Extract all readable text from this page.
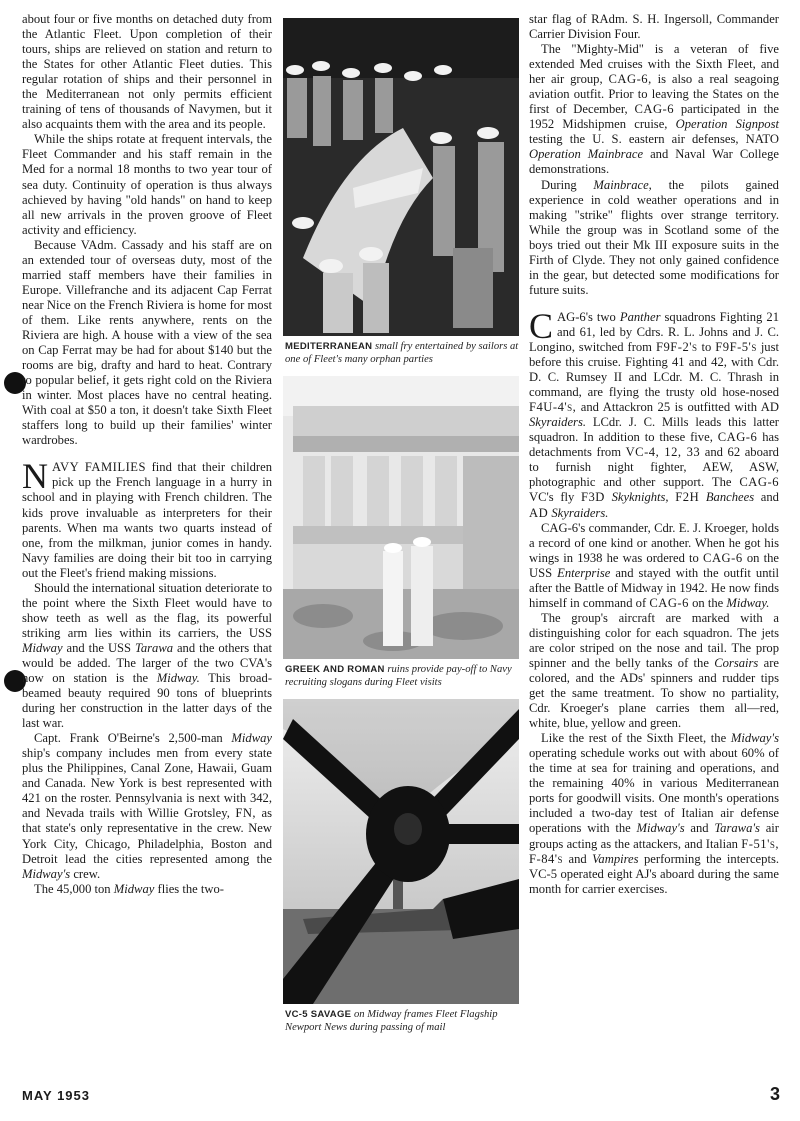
about four or five months on detached duty from the Atlantic Fleet. Upon completion of their tours, ships are relieved on station and return to the States for other Atlantic Fleet duties. This regular rotation of ships and their personnel in the Mediterranean not only permits efficient training of tens of thousands of Navymen, but it also acquaints them with the area and its people.

While the ships rotate at frequent intervals, the Fleet Commander and his staff remain in the Med for a normal 18 months to two year tour of sea duty. Continuity of operation is thus always achieved by having "old hands" on hand to keep all new arrivals in the proven groove of Fleet activity and efficiency.

Because VAdm. Cassady and his staff are on an extended tour of overseas duty, most of the married staff members have their families in Europe. Villefranche and its adjacent Cap Ferrat near Nice on the French Riviera is home for most of them. Like rents anywhere, rents on the Riviera are high. A house with a view of the sea on Cap Ferrat may be had for about $140 but the rooms are big, drafty and hard to heat. Contrary to popular belief, it gets right cold on the Riviera in winter. Most places have no central heating. With coal at $50 a ton, it doesn't take Sixth Fleet staffers long to build up their families' winter wardrobes.

NAVY FAMILIES find that their children pick up the French language in a hurry in school and in playing with French children. The kids prove invaluable as interpreters for their parents. When ma wants two quarts instead of one, from the milkman, junior comes in handy. Navy families are doing their bit too in carrying out the Fleet's friend making missions.

Should the international situation deteriorate to the point where the Sixth Fleet would have to show teeth as well as the flag, its powerful striking arm lies within its carriers, the USS Midway and the USS Tarawa and the others that would be added. The larger of the two CVA's now on station is the Midway. This broad-beamed beauty required 90 tons of blueprints during her construction in the latter days of the last war.

Capt. Frank O'Beirne's 2,500-man Midway ship's company includes men from every state plus the Philippines, Canal Zone, Hawaii, Guam and Canada. New York is best represented with 421 on the roster. Pennsylvania is next with 342, and Nevada trails with Willie Grotsley, FN, as that state's only representative in the crew. New York City, Chicago, Philadelphia, Boston and Detroit lead the cities represented among the Midway's crew.

The 45,000 ton Midway flies the two-

MEDITERRANEAN small fry entertained by sailors at one of Fleet's many orphan parties
GREEK AND ROMAN ruins provide pay-off to Navy recruiting slogans during Fleet visits
VC-5 SAVAGE on Midway frames Fleet Flagship Newport News during passing of mail

star flag of RAdm. S. H. Ingersoll, Commander Carrier Division Four.

The "Mighty-Mid" is a veteran of five extended Med cruises with the Sixth Fleet, and her air group, CAG-6, is also a real seagoing aviation outfit. Prior to leaving the States on the first of December, CAG-6 participated in the 1952 Midshipmen cruise, Operation Signpost testing the U. S. eastern air defenses, NATO Operation Mainbrace and Naval War College demonstrations.

During Mainbrace, the pilots gained experience in cold weather operations and in making "strike" flights over strange territory. While the group was in Scotland some of the boys tried out their Mk III exposure suits in the Firth of Clyde. They not only gained confidence in the gear, but detected some modifications for future suits.

CAG-6's two Panther squadrons Fighting 21 and 61, led by Cdrs. R. L. Johns and J. C. Longino, switched from F9F-2's to F9F-5's just before this cruise. Fighting 41 and 42, with Cdr. D. C. Rumsey II and LCdr. M. C. Thrash in command, are flying the trusty old hose-nosed F4U-4's, and Attackron 25 is outfitted with AD Skyraiders. LCdr. J. C. Mills leads this latter squadron. In addition to these five, CAG-6 has detachments from VC-4, 12, 33 and 62 aboard to furnish night fighter, AEW, ASW, photographic and other support. The CAG-6 VC's fly F3D Skyknights, F2H Banchees and AD Skyraiders.

CAG-6's commander, Cdr. E. J. Kroeger, holds a record of one kind or another. When he got his wings in 1938 he was ordered to CAG-6 on the USS Enterprise and stayed with the outfit until after the Battle of Midway in 1942. He now finds himself in command of CAG-6 on the Midway.

The group's aircraft are marked with a distinguishing color for each squadron. The jets are color striped on the nose and tail. The prop spinner and the belly tanks of the Corsairs are colored, and the ADs' spinners and rudder tips get the same treatment. To show no partiality, Cdr. Kroeger's plane carries them all—red, white, blue, yellow and green.

Like the rest of the Sixth Fleet, the Midway's operating schedule works out with about 60% of the time at sea for training and operations, and the remaining 40% in various Mediterranean ports for goodwill visits. One month's operations included a two-day test of Italian air defense operations with the Midway's and Tarawa's air groups acting as the attackers, and Italian F-51's, F-84's and Vampires performing the intercepts. VC-5 operated eight AJ's aboard during the same month for carrier exercises.

MAY 1953	3
